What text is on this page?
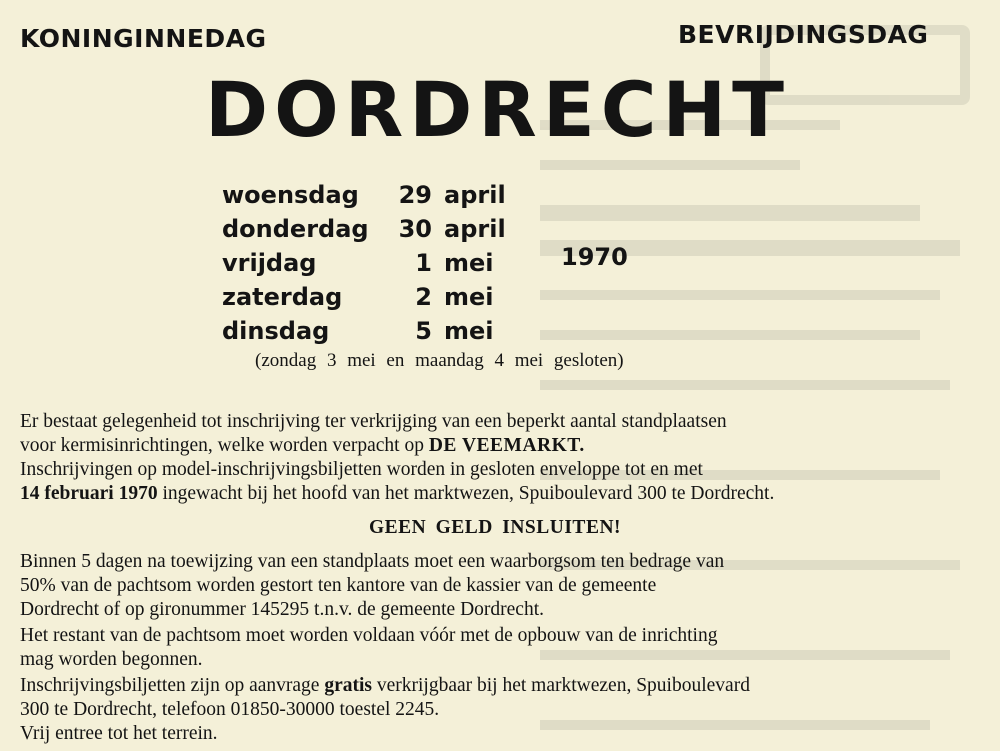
KONINGINNEDAG	BEVRIJDINGSDAG
DORDRECHT
woensdag	29 april
donderdag	30 april
vrijdag	1 mei
zaterdag	2 mei
dinsdag	5 mei
1970
(zondag 3 mei en maandag 4 mei gesloten)

Er bestaat gelegenheid tot inschrijving ter verkrijging van een beperkt aantal standplaatsen

voor kermisinrichtingen, welke worden verpacht op DE VEEMARKT.

Inschrijvingen op model-inschrijvingsbiljetten worden in gesloten enveloppe tot en met

14 februari 1970 ingewacht bij het hoofd van het marktwezen, Spuiboulevard 300 te Dordrecht.

GEEN GELD INSLUITEN!

Binnen 5 dagen na toewijzing van een standplaats moet een waarborgsom ten bedrage van

50% van de pachtsom worden gestort ten kantore van de kassier van de gemeente

Dordrecht of op gironummer 145295 t.n.v. de gemeente Dordrecht.

Het restant van de pachtsom moet worden voldaan vóór met de opbouw van de inrichting

mag worden begonnen.

Inschrijvingsbiljetten zijn op aanvrage gratis verkrijgbaar bij het marktwezen, Spuiboulevard

300 te Dordrecht, telefoon 01850-30000 toestel 2245.

Vrij entree tot het terrein.
